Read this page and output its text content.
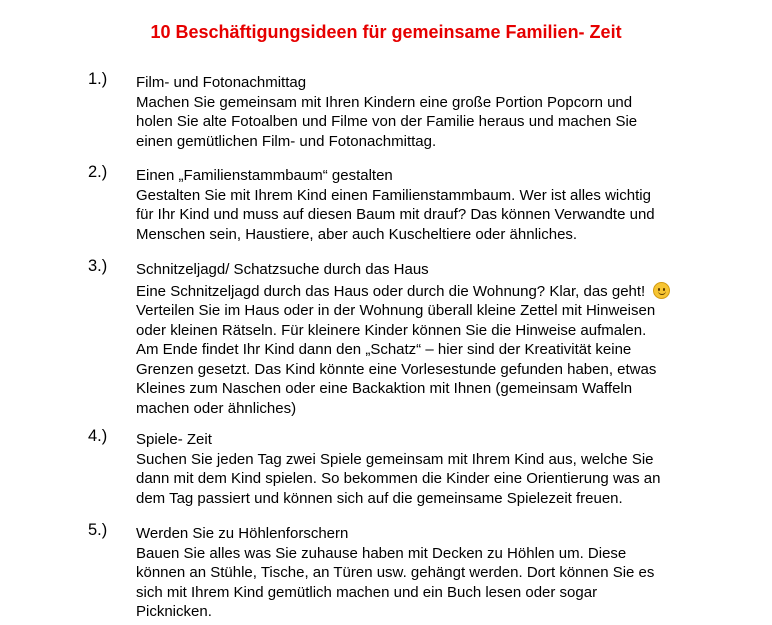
10 Beschäftigungsideen für gemeinsame Familien- Zeit
1.) Film- und Fotonachmittag
Machen Sie gemeinsam mit Ihren Kindern eine große Portion Popcorn und
holen Sie alte Fotoalben und Filme von der Familie heraus und machen Sie
einen gemütlichen Film- und Fotonachmittag.
2.) Einen „Familienstammbaum“ gestalten
Gestalten Sie mit Ihrem Kind einen Familienstammbaum. Wer ist alles wichtig
für Ihr Kind und muss auf diesen Baum mit drauf? Das können Verwandte und
Menschen sein, Haustiere, aber auch Kuscheltiere oder ähnliches.
3.) Schnitzeljagd/ Schatzsuche durch das Haus
Eine Schnitzeljagd durch das Haus oder durch die Wohnung? Klar, das geht!
Verteilen Sie im Haus oder in der Wohnung überall kleine Zettel mit Hinweisen
oder kleinen Rätseln. Für kleinere Kinder können Sie die Hinweise aufmalen.
Am Ende findet Ihr Kind dann den „Schatz“ – hier sind der Kreativität keine
Grenzen gesetzt. Das Kind könnte eine Vorlesestunde gefunden haben, etwas
Kleines zum Naschen oder eine Backaktion mit Ihnen (gemeinsam Waffeln
machen oder ähnliches)
4.) Spiele- Zeit
Suchen Sie jeden Tag zwei Spiele gemeinsam mit Ihrem Kind aus, welche Sie
dann mit dem Kind spielen. So bekommen die Kinder eine Orientierung was an
dem Tag passiert und können sich auf die gemeinsame Spielezeit freuen.
5.) Werden Sie zu Höhlenforschern
Bauen Sie alles was Sie zuhause haben mit Decken zu Höhlen um. Diese
können an Stühle, Tische, an Türen usw. gehängt werden. Dort können Sie es
sich mit Ihrem Kind gemütlich machen und ein Buch lesen oder sogar
Picknicken.
